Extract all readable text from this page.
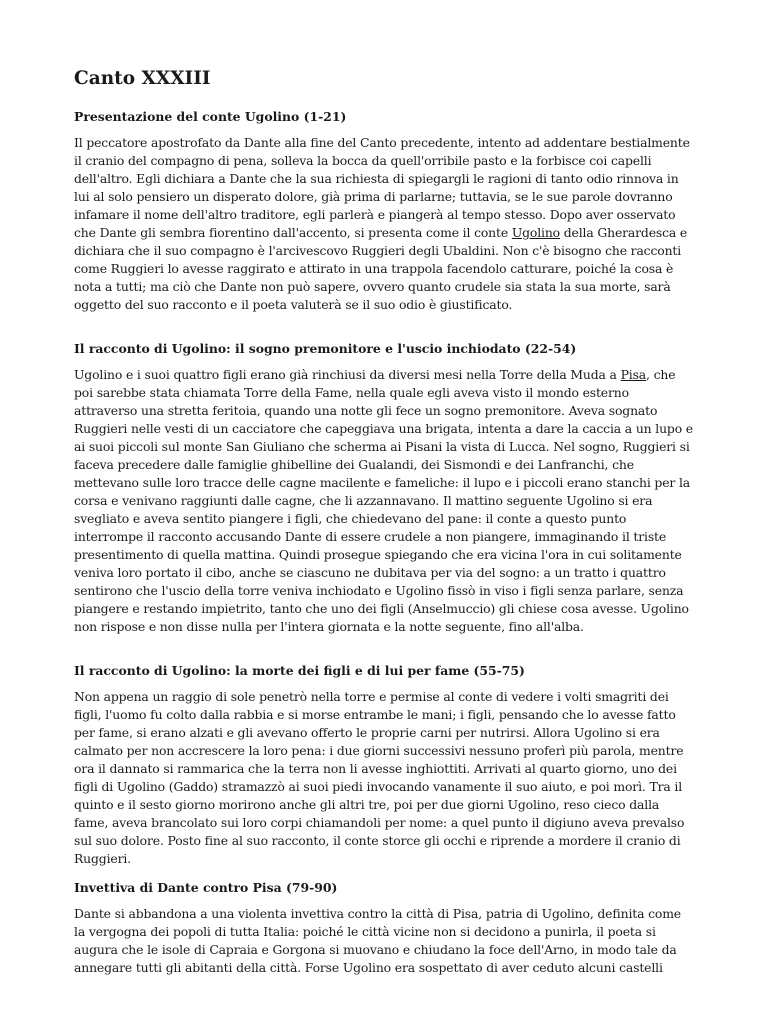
Canto XXXIII
Presentazione del conte Ugolino (1-21)

Il peccatore apostrofato da Dante alla fine del Canto precedente, intento ad addentare bestialmente il cranio del compagno di pena, solleva la bocca da quell'orribile pasto e la forbisce coi capelli dell'altro. Egli dichiara a Dante che la sua richiesta di spiegargli le ragioni di tanto odio rinnova in lui al solo pensiero un disperato dolore, già prima di parlarne; tuttavia, se le sue parole dovranno infamare il nome dell'altro traditore, egli parlerà e piangerà al tempo stesso. Dopo aver osservato che Dante gli sembra fiorentino dall'accento, si presenta come il conte Ugolino della Gherardesca e dichiara che il suo compagno è l'arcivescovo Ruggieri degli Ubaldini. Non c'è bisogno che racconti come Ruggieri lo avesse raggirato e attirato in una trappola facendolo catturare, poiché la cosa è nota a tutti; ma ciò che Dante non può sapere, ovvero quanto crudele sia stata la sua morte, sarà oggetto del suo racconto e il poeta valuterà se il suo odio è giustificato.

Il racconto di Ugolino: il sogno premonitore e l'uscio inchiodato (22-54)

Ugolino e i suoi quattro figli erano già rinchiusi da diversi mesi nella Torre della Muda a Pisa, che poi sarebbe stata chiamata Torre della Fame, nella quale egli aveva visto il mondo esterno attraverso una stretta feritoia, quando una notte gli fece un sogno premonitore. Aveva sognato Ruggieri nelle vesti di un cacciatore che capeggiava una brigata, intenta a dare la caccia a un lupo e ai suoi piccoli sul monte San Giuliano che scherma ai Pisani la vista di Lucca. Nel sogno, Ruggieri si faceva precedere dalle famiglie ghibelline dei Gualandi, dei Sismondi e dei Lanfranchi, che mettevano sulle loro tracce delle cagne macilente e fameliche: il lupo e i piccoli erano stanchi per la corsa e venivano raggiunti dalle cagne, che li azzannavano. Il mattino seguente Ugolino si era svegliato e aveva sentito piangere i figli, che chiedevano del pane: il conte a questo punto interrompe il racconto accusando Dante di essere crudele a non piangere, immaginando il triste presentimento di quella mattina. Quindi prosegue spiegando che era vicina l'ora in cui solitamente veniva loro portato il cibo, anche se ciascuno ne dubitava per via del sogno: a un tratto i quattro sentirono che l'uscio della torre veniva inchiodato e Ugolino fissò in viso i figli senza parlare, senza piangere e restando impietrito, tanto che uno dei figli (Anselmuccio) gli chiese cosa avesse. Ugolino non rispose e non disse nulla per l'intera giornata e la notte seguente, fino all'alba.

Il racconto di Ugolino: la morte dei figli e di lui per fame (55-75)

Non appena un raggio di sole penetrò nella torre e permise al conte di vedere i volti smagriti dei figli, l'uomo fu colto dalla rabbia e si morse entrambe le mani; i figli, pensando che lo avesse fatto per fame, si erano alzati e gli avevano offerto le proprie carni per nutrirsi. Allora Ugolino si era calmato per non accrescere la loro pena: i due giorni successivi nessuno proferì più parola, mentre ora il dannato si rammarica che la terra non li avesse inghiottiti. Arrivati al quarto giorno, uno dei figli di Ugolino (Gaddo) stramazzò ai suoi piedi invocando vanamente il suo aiuto, e poi morì. Tra il quinto e il sesto giorno morirono anche gli altri tre, poi per due giorni Ugolino, reso cieco dalla fame, aveva brancolato sui loro corpi chiamandoli per nome: a quel punto il digiuno aveva prevalso sul suo dolore. Posto fine al suo racconto, il conte storce gli occhi e riprende a mordere il cranio di Ruggieri.

Invettiva di Dante contro Pisa (79-90)

Dante si abbandona a una violenta invettiva contro la città di Pisa, patria di Ugolino, definita come la vergogna dei popoli di tutta Italia: poiché le città vicine non si decidono a punirla, il poeta si augura che le isole di Capraia e Gorgona si muovano e chiudano la foce dell'Arno, in modo tale da annegare tutti gli abitanti della città. Forse Ugolino era sospettato di aver ceduto alcuni castelli
